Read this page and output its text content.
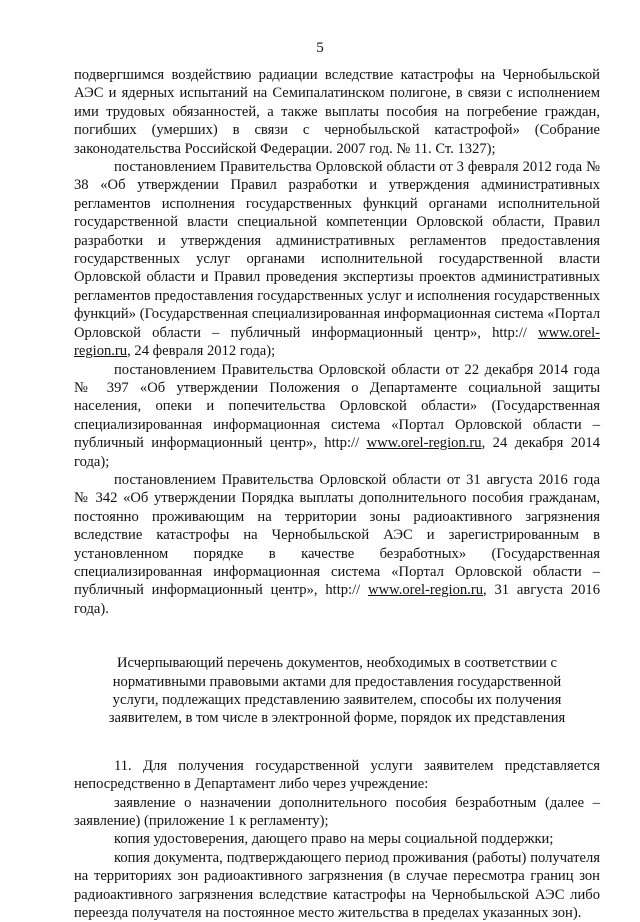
5

подвергшимся воздействию радиации вследствие катастрофы на Чернобыльской АЭС и ядерных испытаний на Семипалатинском полигоне, в связи с исполнением ими трудовых обязанностей, а также выплаты пособия на погребение граждан, погибших (умерших) в связи с чернобыльской катастрофой» (Собрание законодательства Российской Федерации. 2007 год. № 11. Ст. 1327);

постановлением Правительства Орловской области от 3 февраля 2012 года № 38 «Об утверждении Правил разработки и утверждения административных регламентов исполнения государственных функций органами исполнительной государственной власти специальной компетенции Орловской области, Правил разработки и утверждения административных регламентов предоставления государственных услуг органами исполнительной государственной власти Орловской области и Правил проведения экспертизы проектов административных регламентов предоставления государственных услуг и исполнения государственных функций» (Государственная специализированная информационная система «Портал Орловской области – публичный информационный центр», http:// www.orel-region.ru, 24 февраля 2012 года);

постановлением Правительства Орловской области от 22 декабря 2014 года № 397 «Об утверждении Положения о Департаменте социальной защиты населения, опеки и попечительства Орловской области» (Государственная специализированная информационная система «Портал Орловской области – публичный информационный центр», http:// www.orel-region.ru, 24 декабря 2014 года);

постановлением Правительства Орловской области от 31 августа 2016 года № 342 «Об утверждении Порядка выплаты дополнительного пособия гражданам, постоянно проживающим на территории зоны радиоактивного загрязнения вследствие катастрофы на Чернобыльской АЭС и зарегистрированным в установленном порядке в качестве безработных» (Государственная специализированная информационная система «Портал Орловской области – публичный информационный центр», http:// www.orel-region.ru, 31 августа 2016 года).

Исчерпывающий перечень документов, необходимых в соответствии с нормативными правовыми актами для предоставления государственной услуги, подлежащих представлению заявителем, способы их получения заявителем, в том числе в электронной форме, порядок их представления

11. Для получения государственной услуги заявителем представляется непосредственно в Департамент либо через учреждение:

заявление о назначении дополнительного пособия безработным (далее – заявление) (приложение 1 к регламенту);

копия удостоверения, дающего право на меры социальной поддержки;

копия документа, подтверждающего период проживания (работы) получателя на территориях зон радиоактивного загрязнения (в случае пересмотра границ зон радиоактивного загрязнения вследствие катастрофы на Чернобыльской АЭС либо переезда получателя на постоянное место жительства в пределах указанных зон).
